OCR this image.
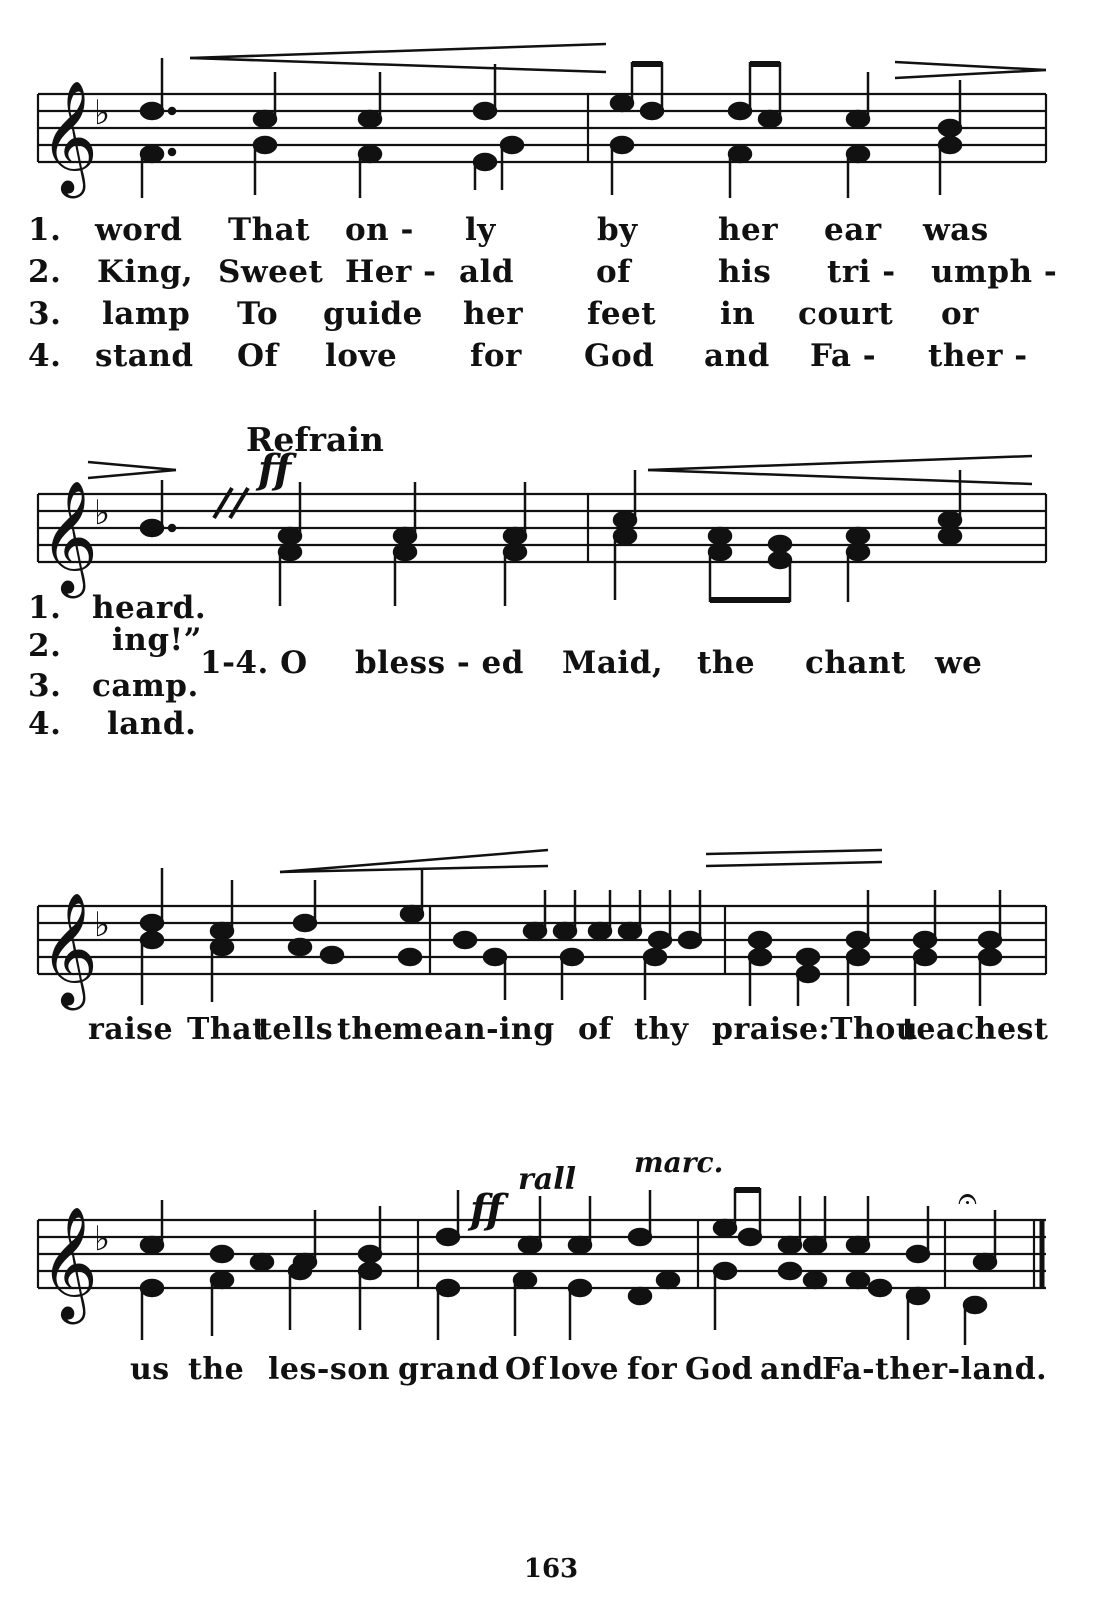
𝄞
♭
1. word That on - ly	by	her ear was
2. King, Sweet Her - ald	of	his tri - umph -
3. lamp To guide her feet in court or
4. stand Of love for God and Fa - ther -
Refrain
ff
𝄞
♭
1. heard.
2. ing!”
3. camp.
4. land.
1-4. O bless - ed Maid, the chant we
𝄞
♭
raise That
tells the
mean-ing of thy praise:Thou
teachest
ff
rall marc.
𝄞
♭
𝄐
us the les-son grand Of love for God and
Fa-ther-land.
163
